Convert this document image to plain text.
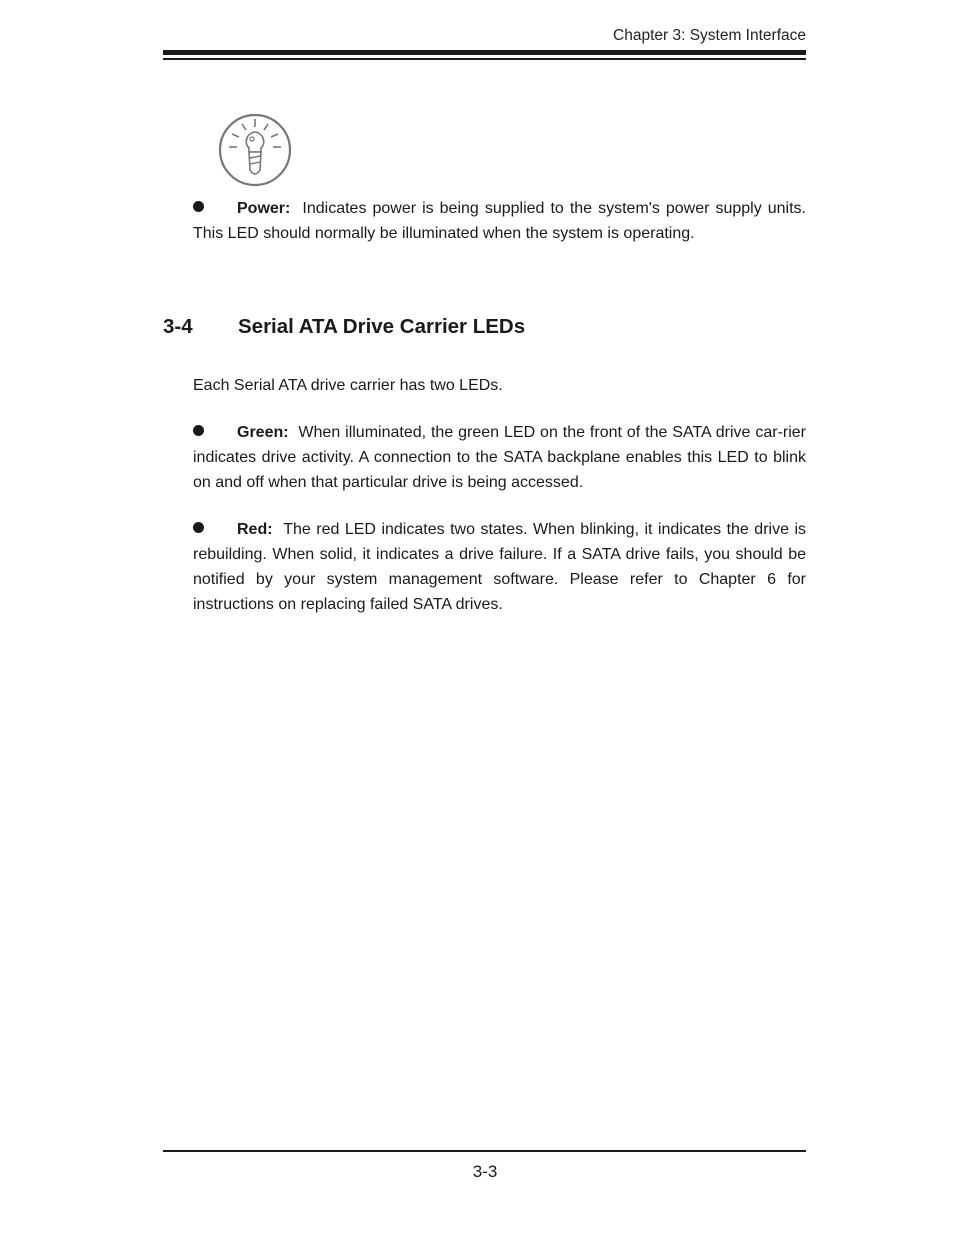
Chapter 3: System Interface
Power: Indicates power is being supplied to the system's power supply units. This LED should normally be illuminated when the system is operating.
3-4 Serial ATA Drive Carrier LEDs
Each Serial ATA drive carrier has two LEDs.
Green: When illuminated, the green LED on the front of the SATA drive car-rier indicates drive activity. A connection to the SATA backplane enables this LED to blink on and off when that particular drive is being accessed.
Red: The red LED indicates two states. When blinking, it indicates the drive is rebuilding. When solid, it indicates a drive failure. If a SATA drive fails, you should be notified by your system management software. Please refer to Chapter 6 for instructions on replacing failed SATA drives.
3-3
